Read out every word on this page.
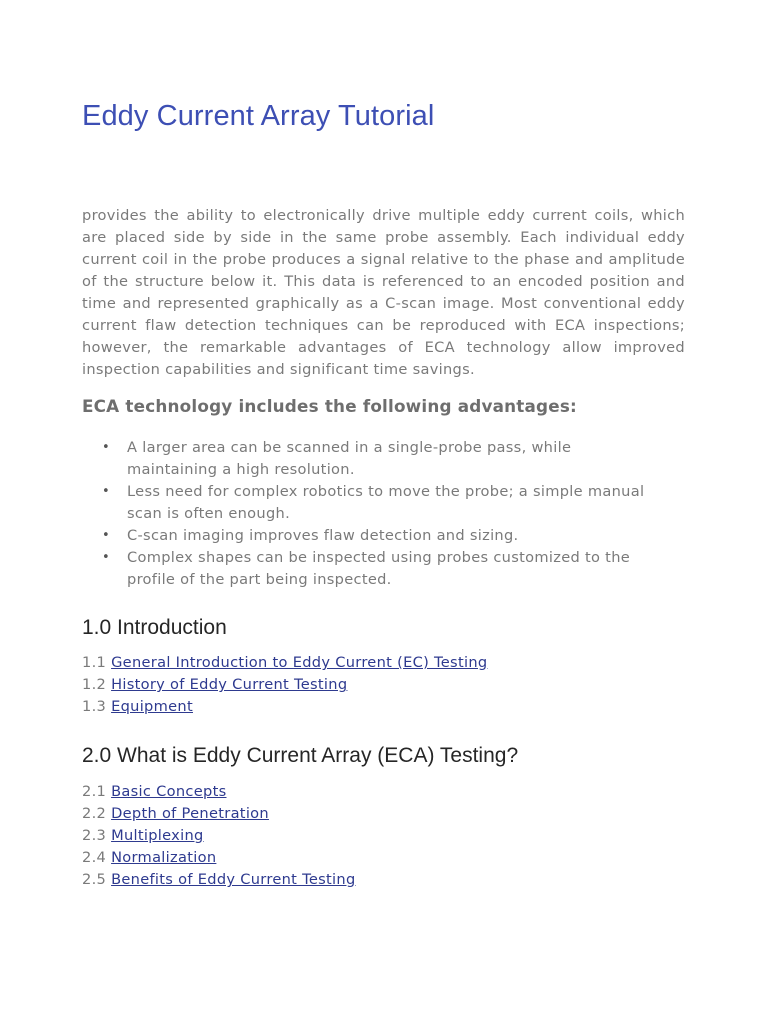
Eddy Current Array Tutorial

provides the ability to electronically drive multiple eddy current coils, which are placed side by side in the same probe assembly. Each individual eddy current coil in the probe produces a signal relative to the phase and amplitude of the structure below it. This data is referenced to an encoded position and time and represented graphically as a C-scan image. Most conventional eddy current flaw detection techniques can be reproduced with ECA inspections; however, the remarkable advantages of ECA technology allow improved inspection capabilities and significant time savings.

ECA technology includes the following advantages:
• A larger area can be scanned in a single-probe pass, while maintaining a high resolution.
• Less need for complex robotics to move the probe; a simple manual scan is often enough.
• C-scan imaging improves flaw detection and sizing.
• Complex shapes can be inspected using probes customized to the profile of the part being inspected.
1.0 Introduction
1.1 General Introduction to Eddy Current (EC) Testing
1.2 History of Eddy Current Testing
1.3 Equipment
2.0 What is Eddy Current Array (ECA) Testing?
2.1 Basic Concepts
2.2 Depth of Penetration
2.3 Multiplexing
2.4 Normalization
2.5 Benefits of Eddy Current Testing
